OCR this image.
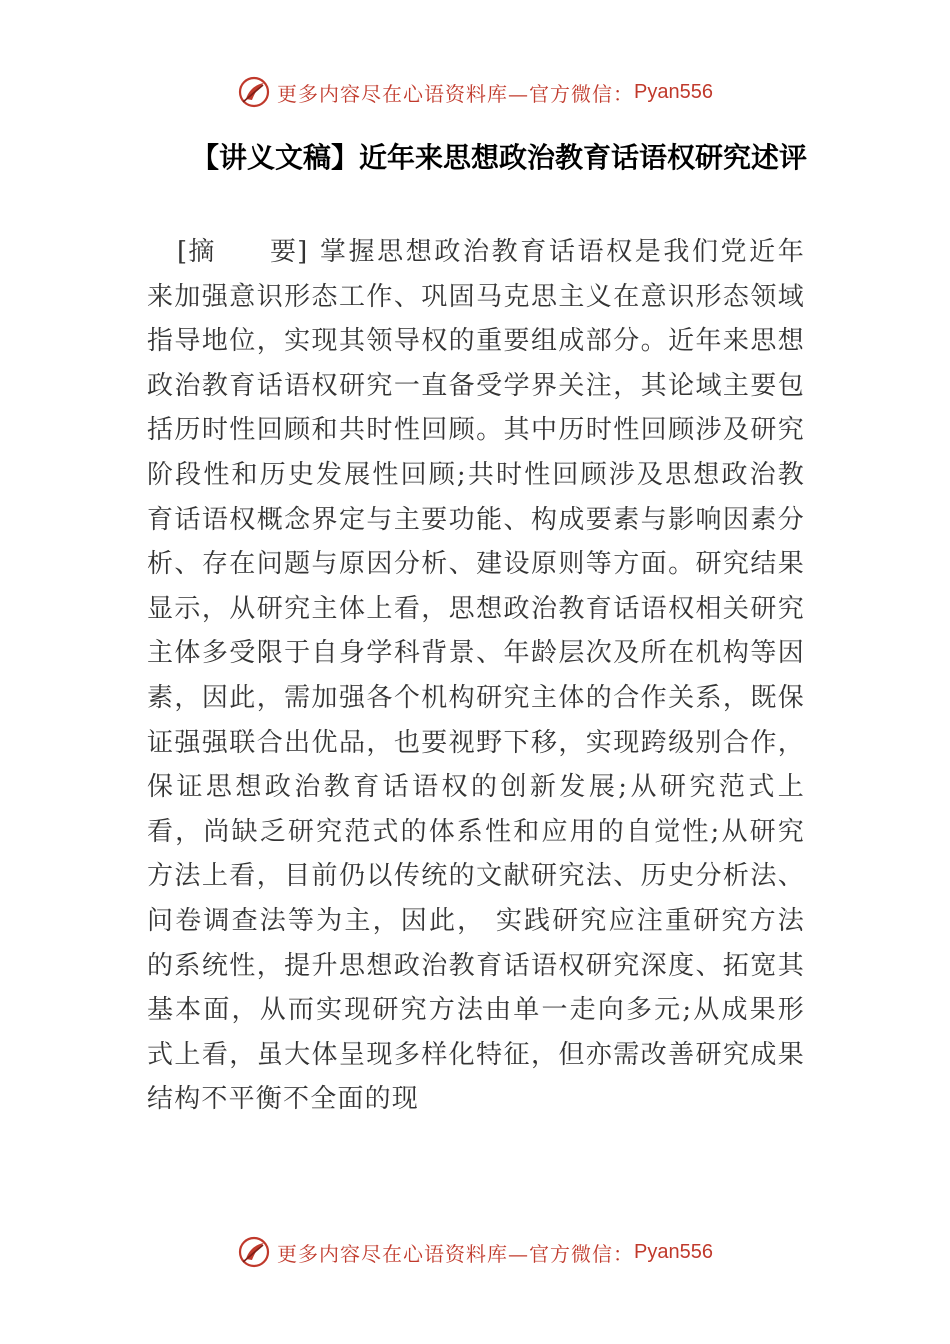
更多内容尽在心语资料库—官方微信： Pyan556
【讲义文稿】近年来思想政治教育话语权研究述评

[摘　　要] 掌握思想政治教育话语权是我们党近年来加强意识形态工作、巩固马克思主义在意识形态领域指导地位，实现其领导权的重要组成部分。近年来思想政治教育话语权研究一直备受学界关注，其论域主要包括历时性回顾和共时性回顾。其中历时性回顾涉及研究阶段性和历史发展性回顾;共时性回顾涉及思想政治教育话语权概念界定与主要功能、构成要素与影响因素分析、存在问题与原因分析、建设原则等方面。研究结果显示，从研究主体上看，思想政治教育话语权相关研究主体多受限于自身学科背景、年龄层次及所在机构等因素，因此，需加强各个机构研究主体的合作关系，既保证强强联合出优品，也要视野下移，实现跨级别合作，保证思想政治教育话语权的创新发展;从研究范式上看，尚缺乏研究范式的体系性和应用的自觉性;从研究方法上看，目前仍以传统的文献研究法、历史分析法、问卷调查法等为主，因此， 实践研究应注重研究方法的系统性，提升思想政治教育话语权研究深度、拓宽其基本面，从而实现研究方法由单一走向多元;从成果形式上看，虽大体呈现多样化特征，但亦需改善研究成果结构不平衡不全面的现

更多内容尽在心语资料库—官方微信： Pyan556
